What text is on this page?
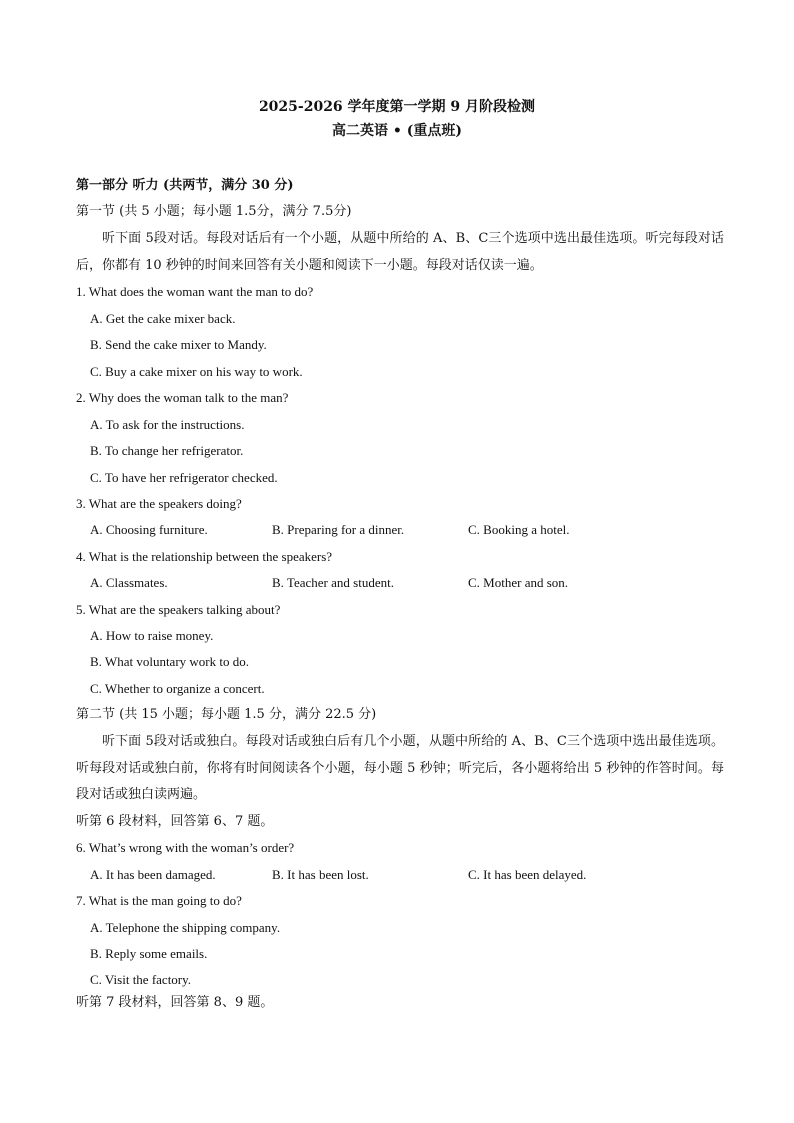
2025-2026 学年度第一学期 9 月阶段检测
高二英语 • (重点班)
第一部分 听力 (共两节，满分 30 分)
第一节 (共 5 小题；每小题 1.5分，满分 7.5分)
听下面 5段对话。每段对话后有一个小题，从题中所给的 A、B、C三个选项中选出最佳选项。听完每段对话后，你都有 10 秒钟的时间来回答有关小题和阅读下一小题。每段对话仅读一遍。
1. What does the woman want the man to do?
A. Get the cake mixer back.
B. Send the cake mixer to Mandy.
C. Buy a cake mixer on his way to work.
2. Why does the woman talk to the man?
A. To ask for the instructions.
B. To change her refrigerator.
C. To have her refrigerator checked.
3. What are the speakers doing?
A. Choosing furniture.	B. Preparing for a dinner.	C. Booking a hotel.
4. What is the relationship between the speakers?
A. Classmates.	B. Teacher and student.	C. Mother and son.
5. What are the speakers talking about?
A. How to raise money.
B. What voluntary work to do.
C. Whether to organize a concert.
第二节 (共 15 小题；每小题 1.5 分，满分 22.5 分)
听下面 5段对话或独白。每段对话或独白后有几个小题，从题中所给的 A、B、C三个选项中选出最佳选项。听每段对话或独白前，你将有时间阅读各个小题，每小题 5 秒钟；听完后，各小题将给出 5 秒钟的作答时间。每段对话或独白读两遍。
听第 6 段材料，回答第 6、7 题。
6. What’s wrong with the woman’s order?
A. It has been damaged.	B. It has been lost.	C. It has been delayed.
7. What is the man going to do?
A. Telephone the shipping company.
B. Reply some emails.
C. Visit the factory.
听第 7 段材料，回答第 8、9 题。
